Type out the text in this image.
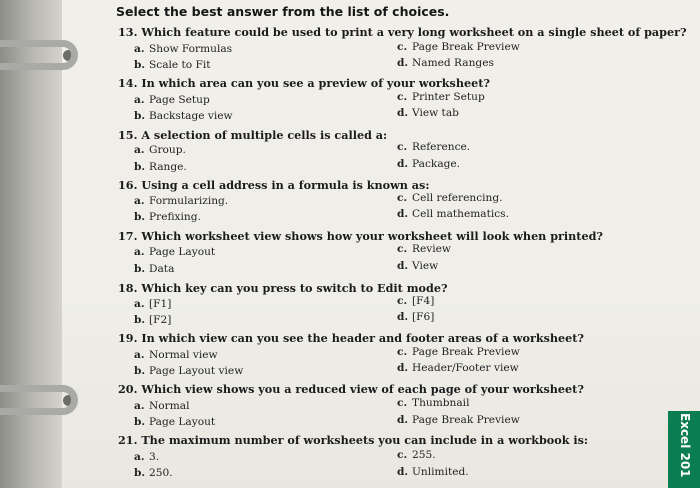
Select the best answer from the list of choices.
13. Which feature could be used to print a very long worksheet on a single sheet of paper?
a. Show Formulas
b. Scale to Fit
c. Page Break Preview
d. Named Ranges
14. In which area can you see a preview of your worksheet?
a. Page Setup
b. Backstage view
c. Printer Setup
d. View tab
15. A selection of multiple cells is called a:
a. Group.
b. Range.
c. Reference.
d. Package.
16. Using a cell address in a formula is known as:
a. Formularizing.
b. Prefixing.
c. Cell referencing.
d. Cell mathematics.
17. Which worksheet view shows how your worksheet will look when printed?
a. Page Layout
b. Data
c. Review
d. View
18. Which key can you press to switch to Edit mode?
a. [F1]
b. [F2]
c. [F4]
d. [F6]
19. In which view can you see the header and footer areas of a worksheet?
a. Normal view
b. Page Layout view
c. Page Break Preview
d. Header/Footer view
20. Which view shows you a reduced view of each page of your worksheet?
a. Normal
b. Page Layout
c. Thumbnail
d. Page Break Preview
21. The maximum number of worksheets you can include in a workbook is:
a. 3.
b. 250.
c. 255.
d. Unlimited.	Excel 201
